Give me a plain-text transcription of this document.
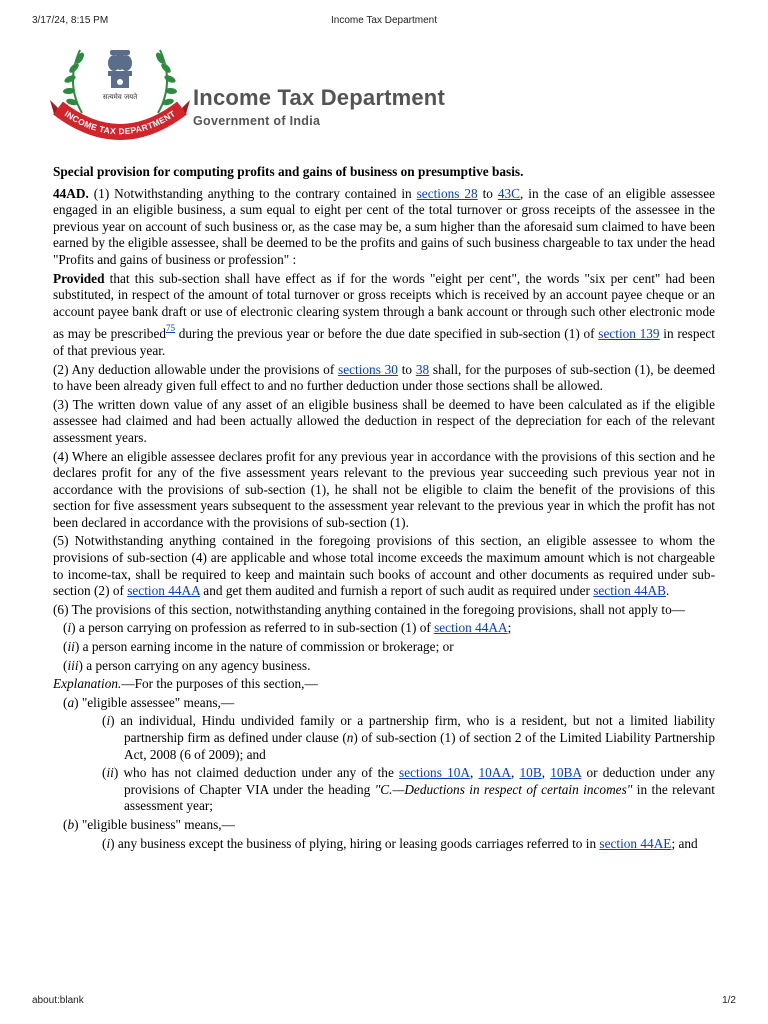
3/17/24, 8:15 PM	Income Tax Department
सत्यमेव जयते
INCOME TAX DEPARTMENT
Income Tax Department
Government of India

Special provision for computing profits and gains of business on presumptive basis.

44AD. (1) Notwithstanding anything to the contrary contained in sections 28 to 43C, in the case of an eligible assessee engaged in an eligible business, a sum equal to eight per cent of the total turnover or gross receipts of the assessee in the previous year on account of such business or, as the case may be, a sum higher than the aforesaid sum claimed to have been earned by the eligible assessee, shall be deemed to be the profits and gains of such business chargeable to tax under the head "Profits and gains of business or profession" :

Provided that this sub-section shall have effect as if for the words "eight per cent", the words "six per cent" had been substituted, in respect of the amount of total turnover or gross receipts which is received by an account payee cheque or an account payee bank draft or use of electronic clearing system through a bank account or through such other electronic mode as may be prescribed$^{75}$ during the previous year or before the due date specified in sub-section (1) of section 139 in respect of that previous year.

(2) Any deduction allowable under the provisions of sections 30 to 38 shall, for the purposes of sub-section (1), be deemed to have been already given full effect to and no further deduction under those sections shall be allowed.

(3) The written down value of any asset of an eligible business shall be deemed to have been calculated as if the eligible assessee had claimed and had been actually allowed the deduction in respect of the depreciation for each of the relevant assessment years.

(4) Where an eligible assessee declares profit for any previous year in accordance with the provisions of this section and he declares profit for any of the five assessment years relevant to the previous year succeeding such previous year not in accordance with the provisions of sub-section (1), he shall not be eligible to claim the benefit of the provisions of this section for five assessment years subsequent to the assessment year relevant to the previous year in which the profit has not been declared in accordance with the provisions of sub-section (1).

(5) Notwithstanding anything contained in the foregoing provisions of this section, an eligible assessee to whom the provisions of sub-section (4) are applicable and whose total income exceeds the maximum amount which is not chargeable to income-tax, shall be required to keep and maintain such books of account and other documents as required under sub-section (2) of section 44AA and get them audited and furnish a report of such audit as required under section 44AB.

(6) The provisions of this section, notwithstanding anything contained in the foregoing provisions, shall not apply to—

(i) a person carrying on profession as referred to in sub-section (1) of section 44AA;

(ii) a person earning income in the nature of commission or brokerage; or

(iii) a person carrying on any agency business.

Explanation.—For the purposes of this section,—

(a) "eligible assessee" means,—

(i) an individual, Hindu undivided family or a partnership firm, who is a resident, but not a limited liability partnership firm as defined under clause (n) of sub-section (1) of section 2 of the Limited Liability Partnership Act, 2008 (6 of 2009); and

(ii) who has not claimed deduction under any of the sections 10A, 10AA, 10B, 10BA or deduction under any provisions of Chapter VIA under the heading "C.—Deductions in respect of certain incomes" in the relevant assessment year;

(b) "eligible business" means,—

(i) any business except the business of plying, hiring or leasing goods carriages referred to in section 44AE; and

about:blank	1/2
